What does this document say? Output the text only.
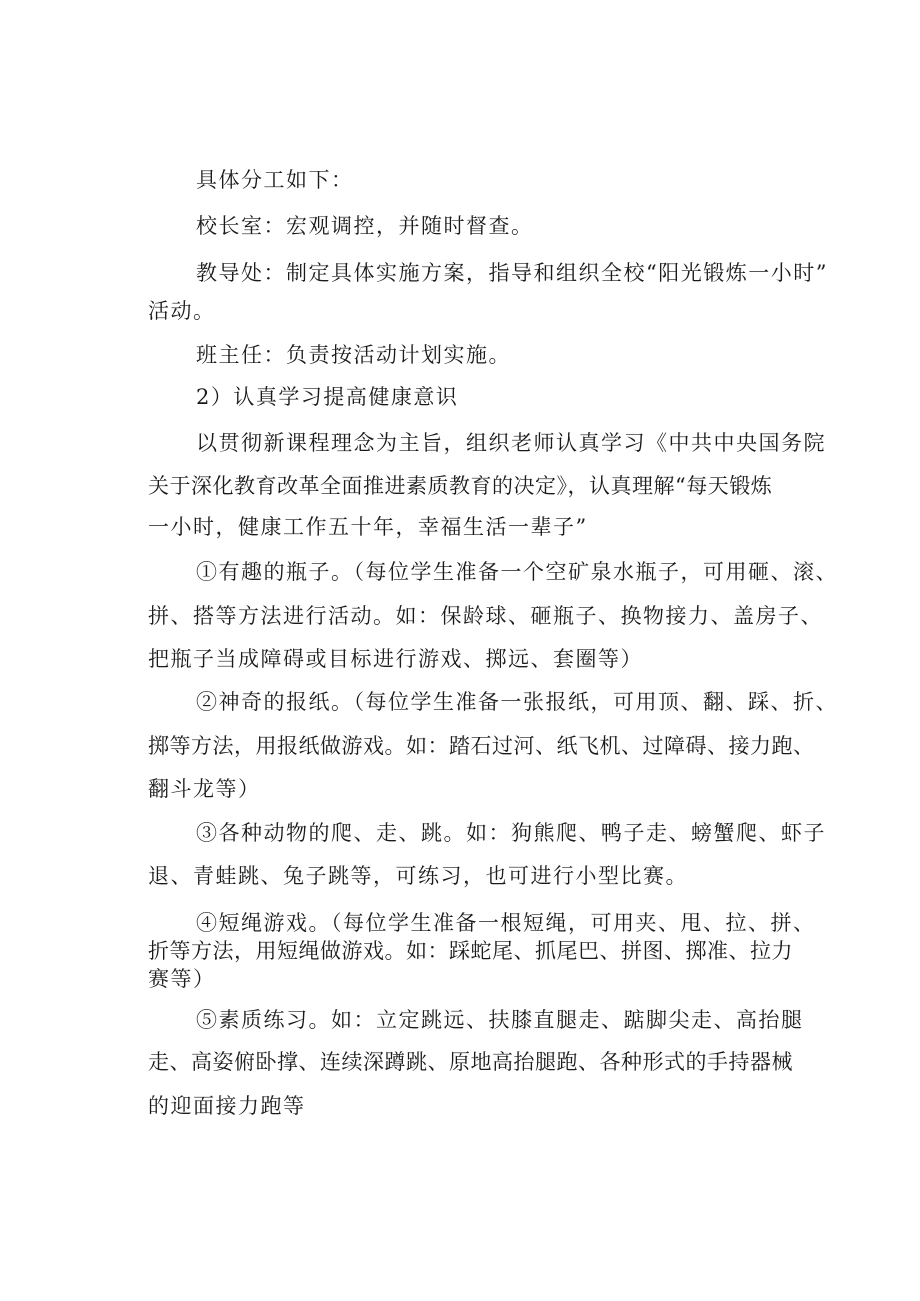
具体分工如下：
校长室：宏观调控，并随时督查。
教导处：制定具体实施方案，指导和组织全校“阳光锻炼一小时”
活动。
班主任：负责按活动计划实施。
2）认真学习提高健康意识
以贯彻新课程理念为主旨，组织老师认真学习《中共中央国务院
关于深化教育改革全面推进素质教育的决定》，认真理解“每天锻炼
一小时，健康工作五十年，幸福生活一辈子”
①有趣的瓶子。（每位学生准备一个空矿泉水瓶子，可用砸、滚、
拼、搭等方法进行活动。如：保龄球、砸瓶子、换物接力、盖房子、
把瓶子当成障碍或目标进行游戏、掷远、套圈等）
②神奇的报纸。（每位学生准备一张报纸，可用顶、翻、踩、折、
掷等方法，用报纸做游戏。如：踏石过河、纸飞机、过障碍、接力跑、
翻斗龙等）
③各种动物的爬、走、跳。如：狗熊爬、鸭子走、螃蟹爬、虾子
退、青蛙跳、兔子跳等，可练习，也可进行小型比赛。
④短绳游戏。（每位学生准备一根短绳，可用夹、甩、拉、拼、
折等方法，用短绳做游戏。如：踩蛇尾、抓尾巴、拼图、掷准、拉力
赛等）
⑤素质练习。如：立定跳远、扶膝直腿走、踮脚尖走、高抬腿
走、高姿俯卧撑、连续深蹲跳、原地高抬腿跑、各种形式的手持器械
的迎面接力跑等
